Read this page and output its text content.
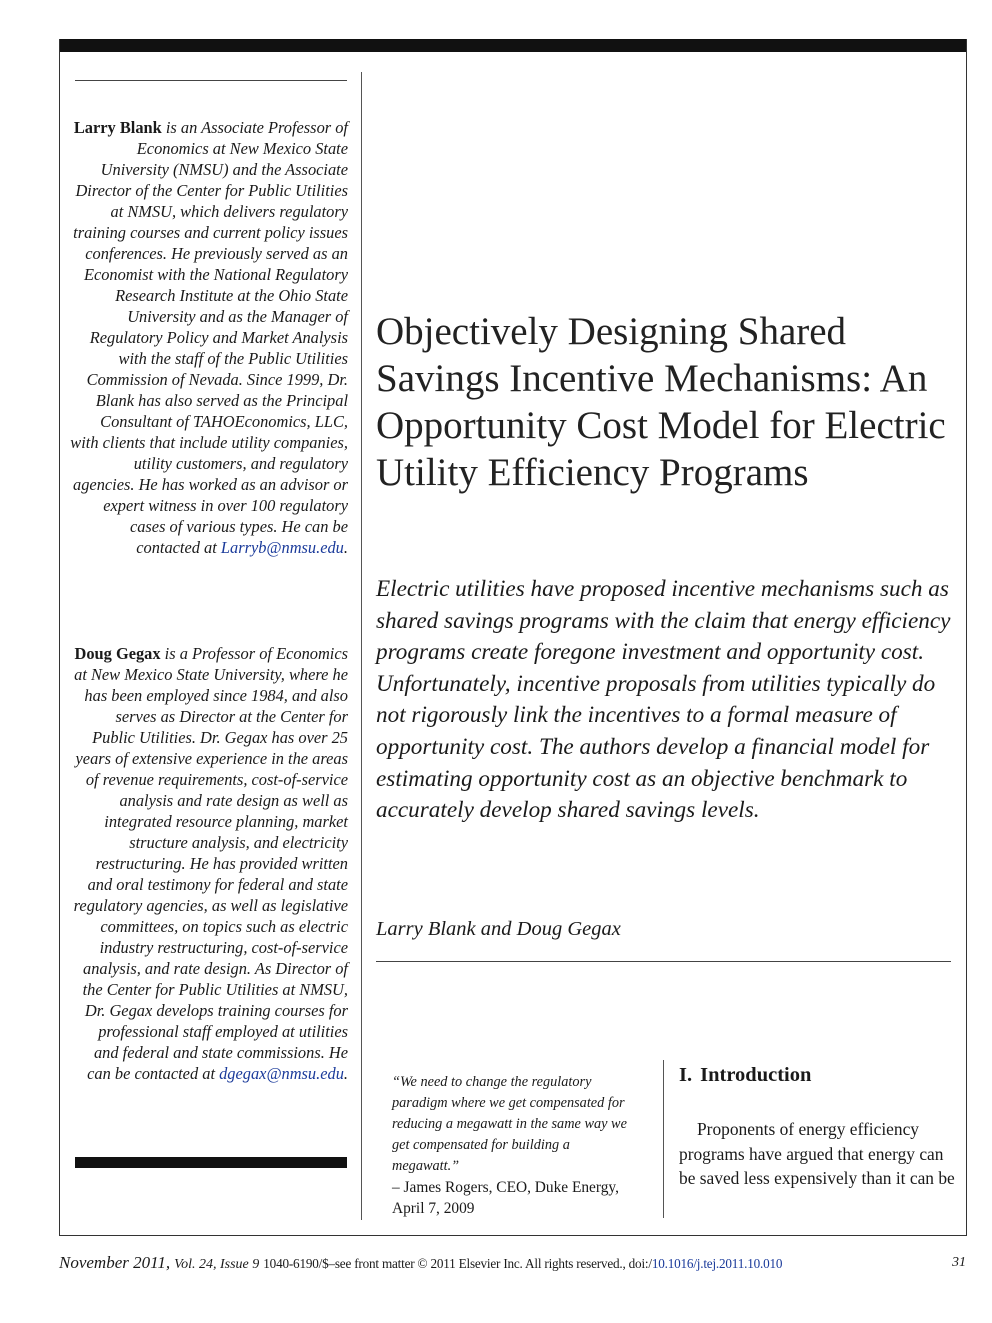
Larry Blank is an Associate Professor of Economics at New Mexico State University (NMSU) and the Associate Director of the Center for Public Utilities at NMSU, which delivers regulatory training courses and current policy issues conferences. He previously served as an Economist with the National Regulatory Research Institute at the Ohio State University and as the Manager of Regulatory Policy and Market Analysis with the staff of the Public Utilities Commission of Nevada. Since 1999, Dr. Blank has also served as the Principal Consultant of TAHOEconomics, LLC, with clients that include utility companies, utility customers, and regulatory agencies. He has worked as an advisor or expert witness in over 100 regulatory cases of various types. He can be contacted at Larryb@nmsu.edu.

Doug Gegax is a Professor of Economics at New Mexico State University, where he has been employed since 1984, and also serves as Director at the Center for Public Utilities. Dr. Gegax has over 25 years of extensive experience in the areas of revenue requirements, cost-of-service analysis and rate design as well as integrated resource planning, market structure analysis, and electricity restructuring. He has provided written and oral testimony for federal and state regulatory agencies, as well as legislative committees, on topics such as electric industry restructuring, cost-of-service analysis, and rate design. As Director of the Center for Public Utilities at NMSU, Dr. Gegax develops training courses for professional staff employed at utilities and federal and state commissions. He can be contacted at dgegax@nmsu.edu.

Objectively Designing Shared Savings Incentive Mechanisms: An Opportunity Cost Model for Electric Utility Efficiency Programs

Electric utilities have proposed incentive mechanisms such as shared savings programs with the claim that energy efficiency programs create foregone investment and opportunity cost. Unfortunately, incentive proposals from utilities typically do not rigorously link the incentives to a formal measure of opportunity cost. The authors develop a financial model for estimating opportunity cost as an objective benchmark to accurately develop shared savings levels.

Larry Blank and Doug Gegax

“We need to change the regulatory paradigm where we get compensated for reducing a megawatt in the same way we get compensated for building a megawatt.”
– James Rogers, CEO, Duke Energy, April 7, 2009
I. Introduction

Proponents of energy efficiency programs have argued that energy can be saved less expensively than it can be

November 2011, Vol. 24, Issue 9 1040-6190/$–see front matter © 2011 Elsevier Inc. All rights reserved., doi:/10.1016/j.tej.2011.10.010	31
